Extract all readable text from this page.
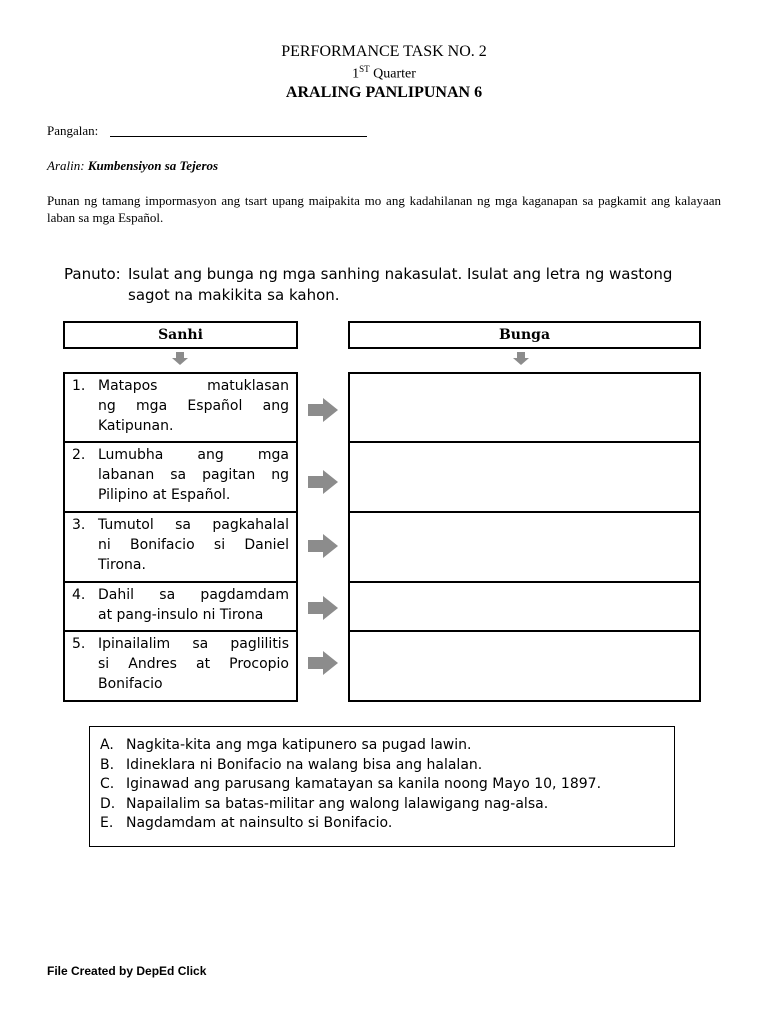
PERFORMANCE TASK NO. 2
1ST Quarter
ARALING PANLIPUNAN 6
Pangalan:
Aralin: Kumbensiyon sa Tejeros
Punan ng tamang impormasyon ang tsart upang maipakita mo ang kadahilanan ng mga kaganapan sa pagkamit ang kalayaan laban sa mga Español.
Panuto: Isulat ang bunga ng mga sanhing nakasulat. Isulat ang letra ng wastong
sagot na makikita sa kahon.
Sanhi	Bunga
1. Matapos matuklasan
ng mga Español ang
Katipunan.
2. Lumubha ang mga
labanan sa pagitan ng
Pilipino at Español.
3. Tumutol sa pagkahalal
ni Bonifacio si Daniel
Tirona.
4. Dahil sa pagdamdam
at pang-insulo ni Tirona
5. Ipinailalim sa paglilitis
si Andres at Procopio
Bonifacio
A. Nagkita-kita ang mga katipunero sa pugad lawin.
B. Idineklara ni Bonifacio na walang bisa ang halalan.
C. Iginawad ang parusang kamatayan sa kanila noong Mayo 10, 1897.
D. Napailalim sa batas-militar ang walong lalawigang nag-alsa.
E. Nagdamdam at nainsulto si Bonifacio.
File Created by DepEd Click
